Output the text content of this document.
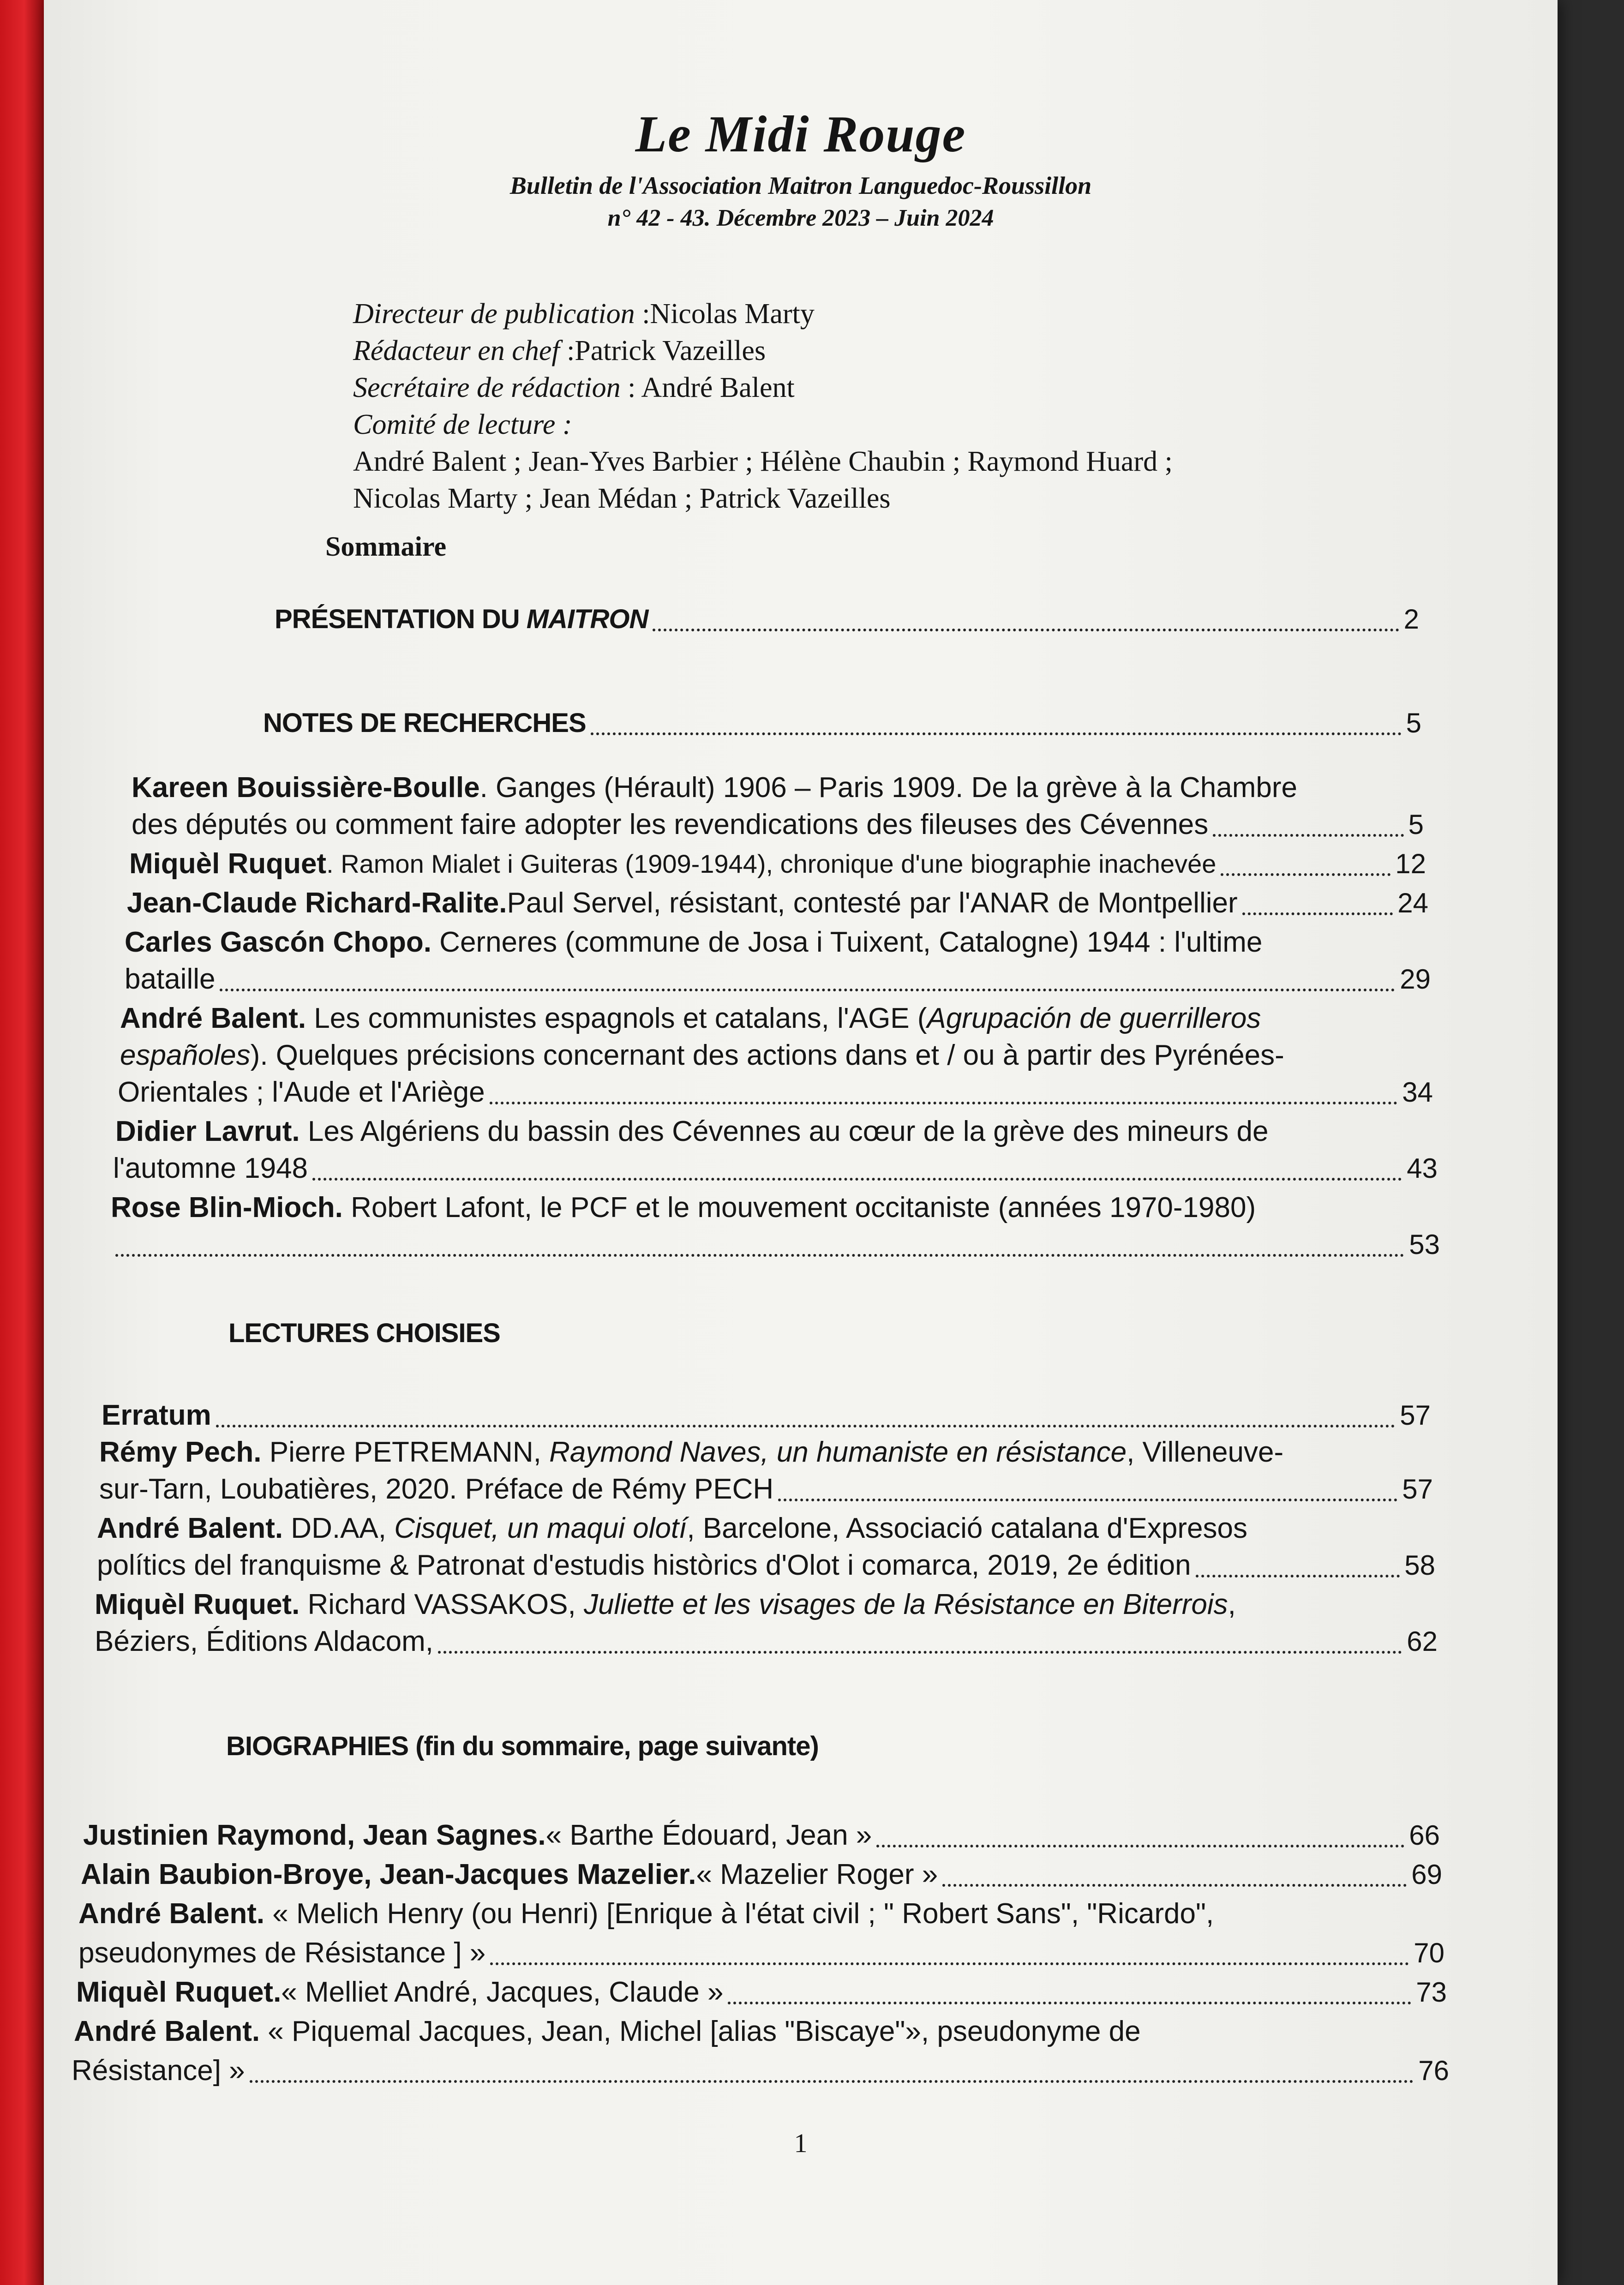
Le Midi Rouge
Bulletin de l'Association Maitron Languedoc-Roussillon
n° 42 - 43. Décembre 2023 – Juin 2024
Directeur de publication :Nicolas Marty
Rédacteur en chef :Patrick Vazeilles
Secrétaire de rédaction : André Balent
Comité de lecture :
André Balent ; Jean-Yves Barbier ; Hélène Chaubin ; Raymond Huard ;
Nicolas Marty ; Jean Médan ; Patrick Vazeilles
Sommaire
PRÉSENTATION DU MAITRON	2
NOTES DE RECHERCHES	5
Kareen Bouissière-Boulle. Ganges (Hérault) 1906 – Paris 1909. De la grève à la Chambre
des députés ou comment faire adopter les revendications des fileuses des Cévennes	5
Miquèl Ruquet . Ramon Mialet i Guiteras (1909-1944), chronique d'une biographie inachevée	12
Jean-Claude Richard-Ralite. Paul Servel, résistant, contesté par l'ANAR de Montpellier	24
Carles Gascón Chopo. Cerneres (commune de Josa i Tuixent, Catalogne) 1944 : l'ultime
bataille	29
André Balent. Les communistes espagnols et catalans, l'AGE (Agrupación de guerrilleros
españoles). Quelques précisions concernant des actions dans et / ou à partir des Pyrénées-
Orientales ; l'Aude et l'Ariège	34
Didier Lavrut. Les Algériens du bassin des Cévennes au cœur de la grève des mineurs de
l'automne 1948	43
Rose Blin-Mioch. Robert Lafont, le PCF et le mouvement occitaniste (années 1970-1980)
53
LECTURES CHOISIES
Erratum	57
Rémy Pech. Pierre PETREMANN, Raymond Naves, un humaniste en résistance, Villeneuve-
sur-Tarn, Loubatières, 2020. Préface de Rémy PECH	57
André Balent. DD.AA, Cisquet, un maqui olotí, Barcelone, Associació catalana d'Expresos
polítics del franquisme & Patronat d'estudis històrics d'Olot i comarca, 2019, 2e édition	58
Miquèl Ruquet. Richard VASSAKOS, Juliette et les visages de la Résistance en Biterrois,
Béziers, Éditions Aldacom,	62
BIOGRAPHIES (fin du sommaire, page suivante)
Justinien Raymond, Jean Sagnes. « Barthe Édouard, Jean »	66
Alain Baubion-Broye, Jean-Jacques Mazelier. « Mazelier Roger »	69
André Balent. « Melich Henry (ou Henri) [Enrique à l'état civil ; " Robert Sans", "Ricardo",
pseudonymes de Résistance ] »	70
Miquèl Ruquet. « Melliet André, Jacques, Claude »	73
André Balent. « Piquemal Jacques, Jean, Michel [alias "Biscaye"», pseudonyme de
Résistance] »	76
1
